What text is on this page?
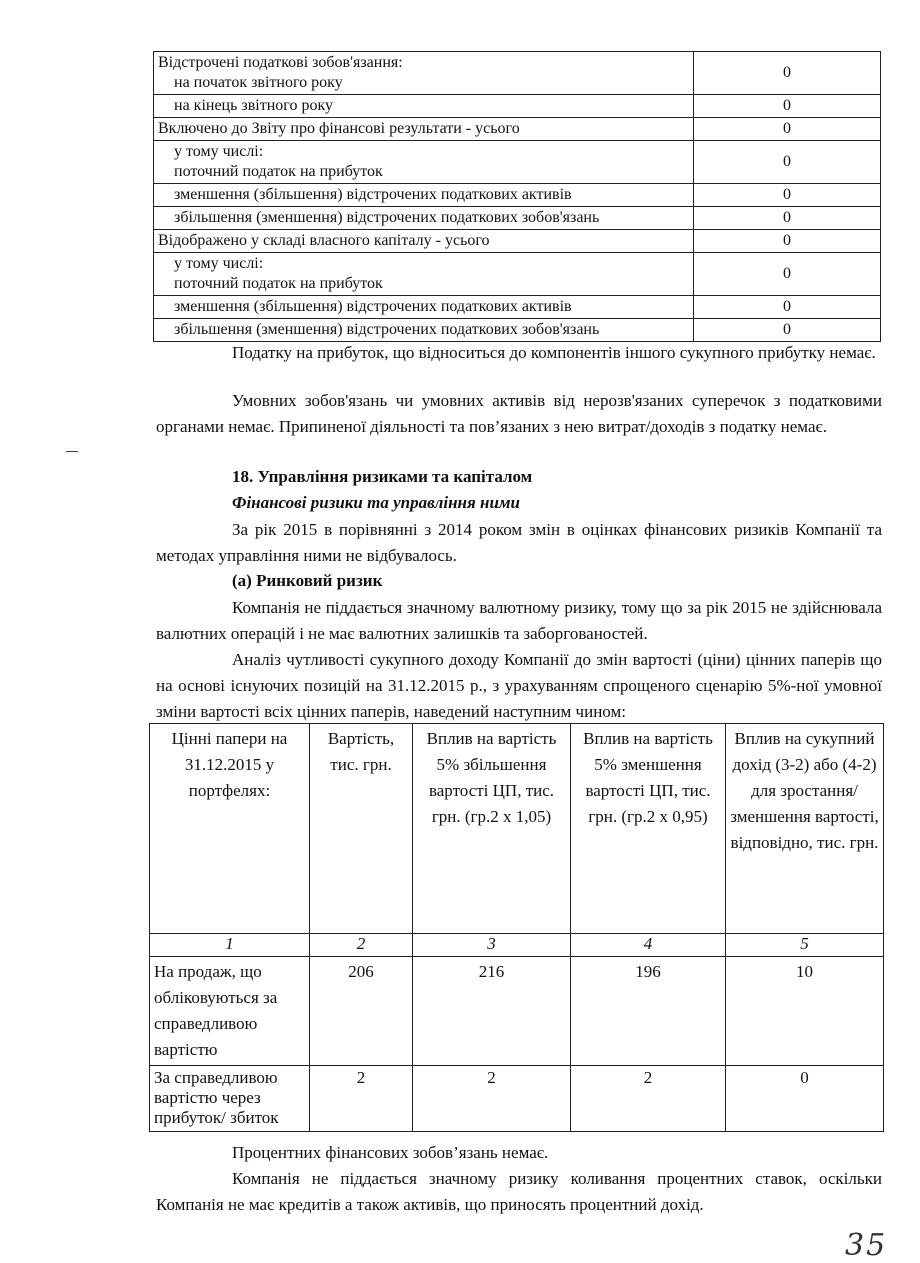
Відстрочені податкові зобов'язання:
на початок звітного року	0
на кінець звітного року	0
Включено до Звіту про фінансові результати - усього	0

у тому числі:
поточний податок на прибуток	0
зменшення (збільшення) відстрочених податкових активів	0
збільшення (зменшення) відстрочених податкових зобов'язань	0
Відображено у складі власного капіталу - усього	0

у тому числі:
поточний податок на прибуток	0
зменшення (збільшення) відстрочених податкових активів	0
збільшення (зменшення) відстрочених податкових зобов'язань	0

Податку на прибуток, що відноситься до компонентів іншого сукупного прибутку немає.

Умовних зобов'язань чи умовних активів від нерозв'язаних суперечок з податковими органами немає. Припиненої діяльності та пов’язаних з нею витрат/доходів з податку немає.

18. Управління ризиками та капіталом

Фінансові ризики та управління ними

За рік 2015 в порівнянні з 2014 роком змін в оцінках фінансових ризиків Компанії та методах управління ними не відбувалось.

(а) Ринковий ризик

Компанія не піддається значному валютному ризику, тому що за рік 2015 не здійснювала валютних операцій і не має валютних залишків та заборгованостей.

Аналіз чутливості сукупного доходу Компанії до змін вартості (ціни) цінних паперів що на основі існуючих позицій на 31.12.2015 р., з урахуванням спрощеного сценарію 5%-ної умовної зміни вартості всіх цінних паперів, наведений наступним чином:

Цінні папери на 31.12.2015 у портфелях:	Вартість, тис. грн.	Вплив на вартість 5% збільшення вартості ЦП, тис. грн. (гр.2 х 1,05)	Вплив на вартість 5% зменшення вартості ЦП, тис. грн. (гр.2 х 0,95)	Вплив на сукупний дохід (3-2) або (4-2) для зростання/ зменшення вартості, відповідно, тис. грн.
1	2	3	4	5
На продаж, що обліковуються за справедливою вартістю	206	216	196	10
За справедливою вартістю через прибуток/ збиток	2	2	2	0

Процентних фінансових зобов’язань немає.

Компанія не піддається значному ризику коливання процентних ставок, оскільки Компанія не має кредитів а також активів, що приносять процентний дохід.

35
